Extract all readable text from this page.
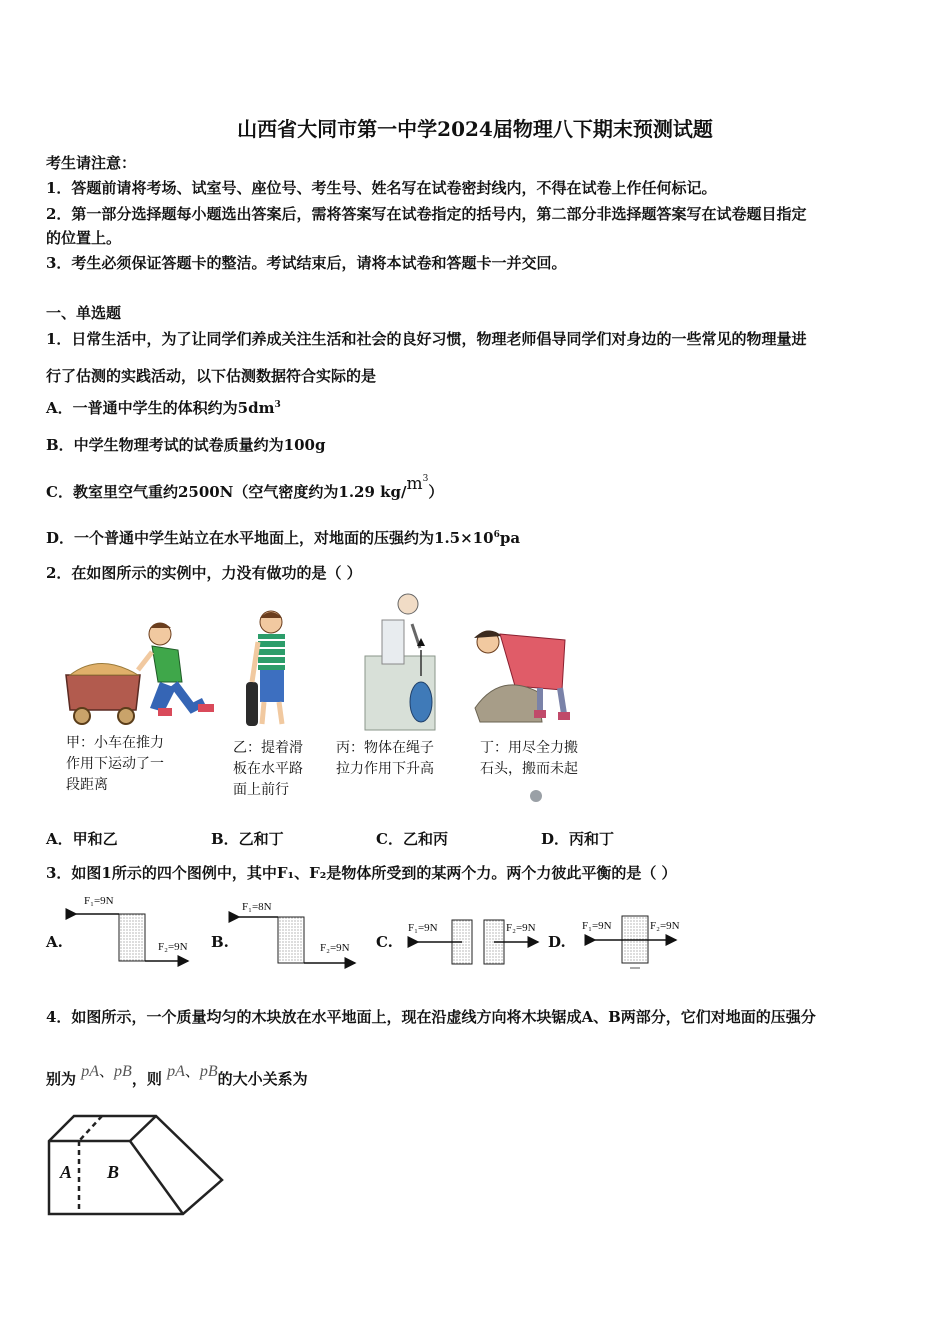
山西省大同市第一中学2024届物理八下期末预测试题
考生请注意：
1．答题前请将考场、试室号、座位号、考生号、姓名写在试卷密封线内，不得在试卷上作任何标记。
2．第一部分选择题每小题选出答案后，需将答案写在试卷指定的括号内，第二部分非选择题答案写在试卷题目指定
的位置上。
3．考生必须保证答题卡的整洁。考试结束后，请将本试卷和答题卡一并交回。
一、单选题
1．日常生活中，为了让同学们养成关注生活和社会的良好习惯，物理老师倡导同学们对身边的一些常见的物理量进
行了估测的实践活动，以下估测数据符合实际的是
A．一普通中学生的体积约为$5dm^3$
B．中学生物理考试的试卷质量约为100g
C．教室里空气重约2500N（空气密度约为1.29 $kg/m^3$）
D．一个普通中学生站立在水平地面上，对地面的压强约为$1.5\times 10^6pa$
2．在如图所示的实例中，力没有做功的是（ ）
甲：小车在推力
作用下运动了一
段距离
乙：提着滑
板在水平路
面上前行
丙：物体在绳子
拉力作用下升高
丁：用尽全力搬
石头，搬而未起
A．甲和乙	B．乙和丁	C．乙和丙	D．丙和丁
3．如图1所示的四个图例中，其中F₁、F₂是物体所受到的某两个力。两个力彼此平衡的是（ ）
A.	B.	C.	D.
F₁=9N
F₂=9N
F₁=8N
F₂=9N
F₁=9N	F₂=9N	F₁=9N	F₂=9N
4．如图所示，一个质量均匀的木块放在水平地面上，现在沿虚线方向将木块锯成A、B两部分，它们对地面的压强分
别为 pA、pB，则 pA、pB的大小关系为
A B
